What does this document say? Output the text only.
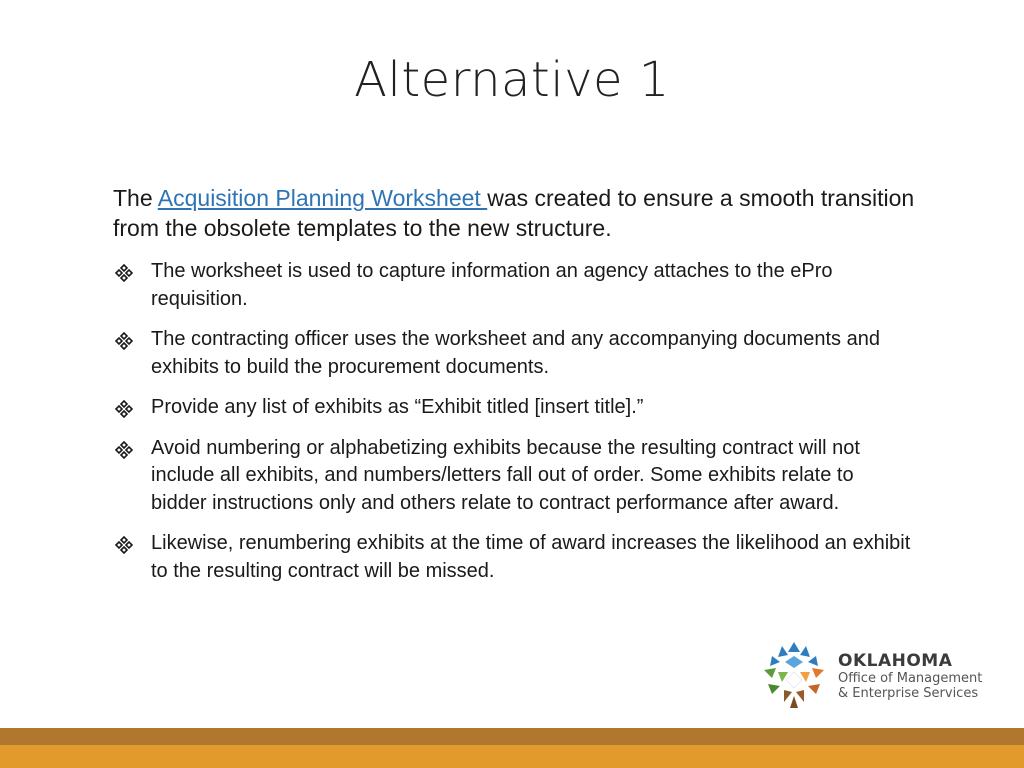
Alternative 1
The Acquisition Planning Worksheet was created to ensure a smooth transition from the obsolete templates to the new structure.
The worksheet is used to capture information an agency attaches to the ePro requisition.
The contracting officer uses the worksheet and any accompanying documents and exhibits to build the procurement documents.
Provide any list of exhibits as “Exhibit titled [insert title].”
Avoid numbering or alphabetizing exhibits because the resulting contract will not include all exhibits, and numbers/letters fall out of order. Some exhibits relate to bidder instructions only and others relate to contract performance after award.
Likewise, renumbering exhibits at the time of award increases the likelihood an exhibit to the resulting contract will be missed.
OKLAHOMA
Office of Management
& Enterprise Services
